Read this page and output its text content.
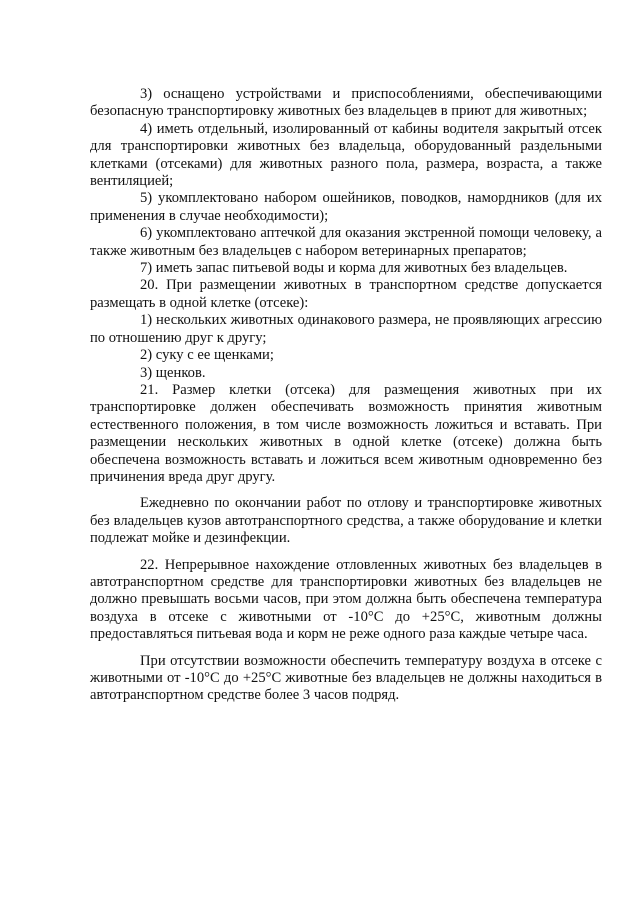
3) оснащено устройствами и приспособлениями, обеспечивающими безопасную транспортировку животных без владельцев в приют для животных;

4) иметь отдельный, изолированный от кабины водителя закрытый отсек для транспортировки животных без владельца, оборудованный раздельными клетками (отсеками) для животных разного пола, размера, возраста, а также вентиляцией;

5) укомплектовано набором ошейников, поводков, намордников (для их применения в случае необходимости);

6) укомплектовано аптечкой для оказания экстренной помощи человеку, а также животным без владельцев с набором ветеринарных препаратов;

7) иметь запас питьевой воды и корма для животных без владельцев.

20. При размещении животных в транспортном средстве допускается размещать в одной клетке (отсеке):

1) нескольких животных одинакового размера, не проявляющих агрессию по отношению друг к другу;

2) суку с ее щенками;

3) щенков.

21. Размер клетки (отсека) для размещения животных при их транспортировке должен обеспечивать возможность принятия животным естественного положения, в том числе возможность ложиться и вставать. При размещении нескольких животных в одной клетке (отсеке) должна быть обеспечена возможность вставать и ложиться всем животным одновременно без причинения вреда друг другу.

Ежедневно по окончании работ по отлову и транспортировке животных без владельцев кузов автотранспортного средства, а также оборудование и клетки подлежат мойке и дезинфекции.

22. Непрерывное нахождение отловленных животных без владельцев в автотранспортном средстве для транспортировки животных без владельцев не должно превышать восьми часов, при этом должна быть обеспечена температура воздуха в отсеке с животными от -10°С до +25°С, животным должны предоставляться питьевая вода и корм не реже одного раза каждые четыре часа.

При отсутствии возможности обеспечить температуру воздуха в отсеке с животными от -10°С до +25°С животные без владельцев не должны находиться в автотранспортном средстве более 3 часов подряд.
